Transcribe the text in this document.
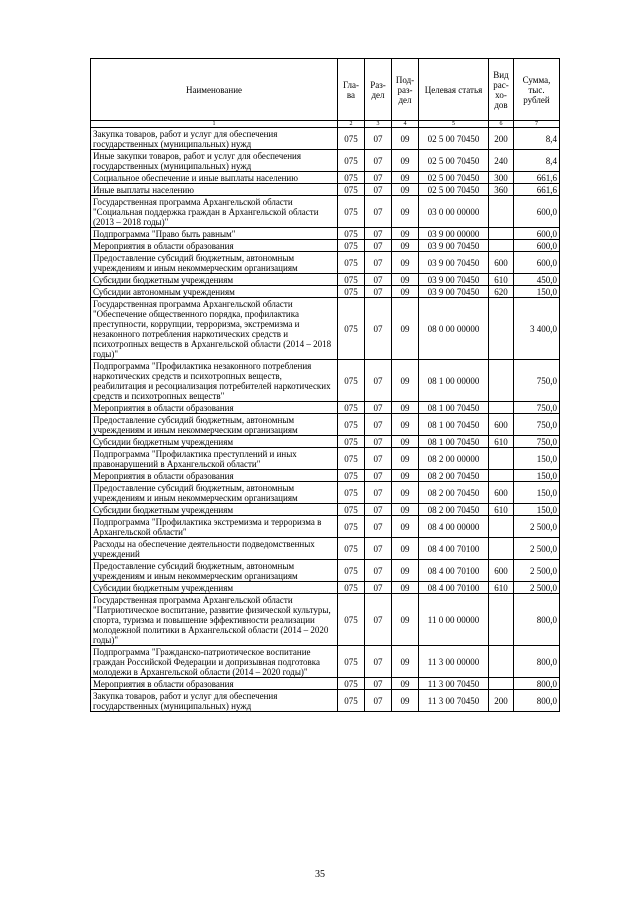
Наименование	Гла-ва	Раз-дел	Под-раз-дел	Целевая статья	Вид рас-хо-дов	Сумма, тыс. рублей
1	2	3	4	5	6	7
Закупка товаров, работ и услуг для обеспечения государственных (муниципальных) нужд	075	07	09	02 5 00 70450	200	8,4
Иные закупки товаров, работ и услуг для обеспечения государственных (муниципальных) нужд	075	07	09	02 5 00 70450	240	8,4
Социальное обеспечение и иные выплаты населению	075	07	09	02 5 00 70450	300	661,6
Иные выплаты населению	075	07	09	02 5 00 70450	360	661,6
Государственная программа Архангельской области "Социальная поддержка граждан в Архангельской области (2013 – 2018 годы)"	075	07	09	03 0 00 00000		600,0
Подпрограмма "Право быть равным"	075	07	09	03 9 00 00000		600,0
Мероприятия в области образования	075	07	09	03 9 00 70450		600,0
Предоставление субсидий бюджетным, автономным учреждениям и иным некоммерческим организациям	075	07	09	03 9 00 70450	600	600,0
Субсидии бюджетным учреждениям	075	07	09	03 9 00 70450	610	450,0
Субсидии автономным учреждениям	075	07	09	03 9 00 70450	620	150,0
Государственная программа Архангельской области "Обеспечение общественного порядка, профилактика преступности, коррупции, терроризма, экстремизма и незаконного потребления наркотических средств и психотропных веществ в Архангельской области (2014 – 2018 годы)"	075	07	09	08 0 00 00000		3 400,0
Подпрограмма "Профилактика незаконного потребления наркотических средств и психотропных веществ, реабилитация и ресоциализация потребителей наркотических средств и психотропных веществ"	075	07	09	08 1 00 00000		750,0
Мероприятия в области образования	075	07	09	08 1 00 70450		750,0
Предоставление субсидий бюджетным, автономным учреждениям и иным некоммерческим организациям	075	07	09	08 1 00 70450	600	750,0
Субсидии бюджетным учреждениям	075	07	09	08 1 00 70450	610	750,0
Подпрограмма "Профилактика преступлений и иных правонарушений в Архангельской области"	075	07	09	08 2 00 00000		150,0
Мероприятия в области образования	075	07	09	08 2 00 70450		150,0
Предоставление субсидий бюджетным, автономным учреждениям и иным некоммерческим организациям	075	07	09	08 2 00 70450	600	150,0
Субсидии бюджетным учреждениям	075	07	09	08 2 00 70450	610	150,0
Подпрограмма "Профилактика экстремизма и терроризма в Архангельской области"	075	07	09	08 4 00 00000		2 500,0
Расходы на обеспечение деятельности подведомственных учреждений	075	07	09	08 4 00 70100		2 500,0
Предоставление субсидий бюджетным, автономным учреждениям и иным некоммерческим организациям	075	07	09	08 4 00 70100	600	2 500,0
Субсидии бюджетным учреждениям	075	07	09	08 4 00 70100	610	2 500,0
Государственная программа Архангельской области "Патриотическое воспитание, развитие физической культуры, спорта, туризма и повышение эффективности реализации молодежной политики в Архангельской области (2014 – 2020 годы)"	075	07	09	11 0 00 00000		800,0
Подпрограмма "Гражданско-патриотическое воспитание граждан Российской Федерации и допризывная подготовка молодежи в Архангельской области (2014 – 2020 годы)"	075	07	09	11 3 00 00000		800,0
Мероприятия в области образования	075	07	09	11 3 00 70450		800,0
Закупка товаров, работ и услуг для обеспечения государственных (муниципальных) нужд	075	07	09	11 3 00 70450	200	800,0
35
